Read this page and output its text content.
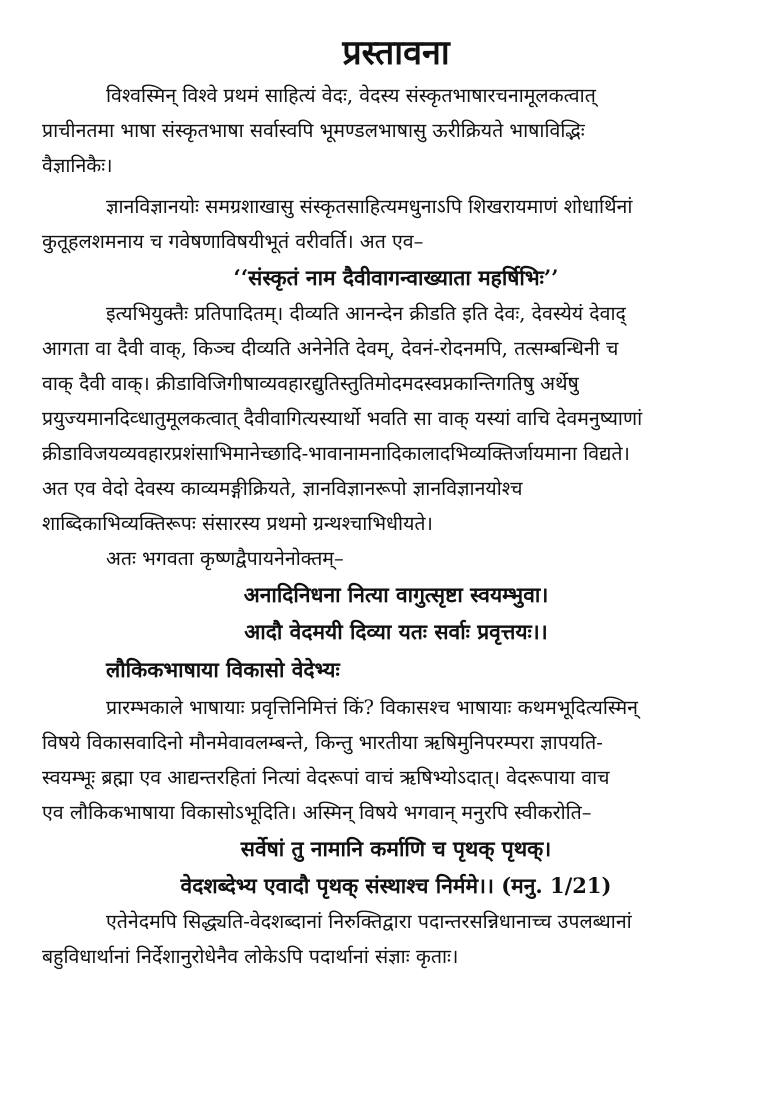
प्रस्तावना

विश्वस्मिन् विश्वे प्रथमं साहित्यं वेदः, वेदस्य संस्कृतभाषारचनामूलकत्वात्
प्राचीनतमा भाषा संस्कृतभाषा सर्वास्वपि भूमण्डलभाषासु ऊरीक्रियते भाषाविद्भिः
वैज्ञानिकैः।

ज्ञानविज्ञानयोः समग्रशाखासु संस्कृतसाहित्यमधुनाऽपि शिखरायमाणं शोधार्थिनां
कुतूहलशमनाय च गवेषणाविषयीभूतं वरीवर्ति। अत एव–

‘‘संस्कृतं नाम दैवीवागन्वाख्याता महर्षिभिः’’

इत्यभियुक्तैः प्रतिपादितम्। दीव्यति आनन्देन क्रीडति इति देवः, देवस्येयं देवाद्
आगता वा दैवी वाक्, किञ्च दीव्यति अनेनेति देवम्, देवनं-रोदनमपि, तत्सम्बन्धिनी च
वाक् दैवी वाक्। क्रीडाविजिगीषाव्यवहारद्युतिस्तुतिमोदमदस्वप्नकान्तिगतिषु अर्थेषु
प्रयुज्यमानदिव्धातुमूलकत्वात् दैवीवागित्यस्यार्थो भवति सा वाक् यस्यां वाचि देवमनुष्याणां
क्रीडाविजयव्यवहारप्रशंसाभिमानेच्छादि-भावानामनादिकालादभिव्यक्तिर्जायमाना विद्यते।
अत एव वेदो देवस्य काव्यमङ्गीक्रियते, ज्ञानविज्ञानरूपो ज्ञानविज्ञानयोश्च
शाब्दिकाभिव्यक्तिरूपः संसारस्य प्रथमो ग्रन्थश्चाभिधीयते।

अतः भगवता कृष्णद्वैपायनेनोक्तम्–

अनादिनिधना नित्या वागुत्सृष्टा स्वयम्भुवा।

आदौ वेदमयी दिव्या यतः सर्वाः प्रवृत्तयः।।

लौकिकभाषाया विकासो वेदेभ्यः

प्रारम्भकाले भाषायाः प्रवृत्तिनिमित्तं किं? विकासश्च भाषायाः कथमभूदित्यस्मिन्
विषये विकासवादिनो मौनमेवावलम्बन्ते, किन्तु भारतीया ऋषिमुनिपरम्परा ज्ञापयति-
स्वयम्भूः ब्रह्मा एव आद्यन्तरहितां नित्यां वेदरूपां वाचं ऋषिभ्योऽदात्। वेदरूपाया वाच
एव लौकिकभाषाया विकासोऽभूदिति। अस्मिन् विषये भगवान् मनुरपि स्वीकरोति–

सर्वेषां तु नामानि कर्माणि च पृथक् पृथक्।

वेदशब्देभ्य एवादौ पृथक् संस्थाश्च निर्ममे।। (मनु. 1/21)

एतेनेदमपि सिद्ध्यति-वेदशब्दानां निरुक्तिद्वारा पदान्तरसन्निधानाच्च उपलब्धानां
बहुविधार्थानां निर्देशानुरोधेनैव लोकेऽपि पदार्थानां संज्ञाः कृताः।
